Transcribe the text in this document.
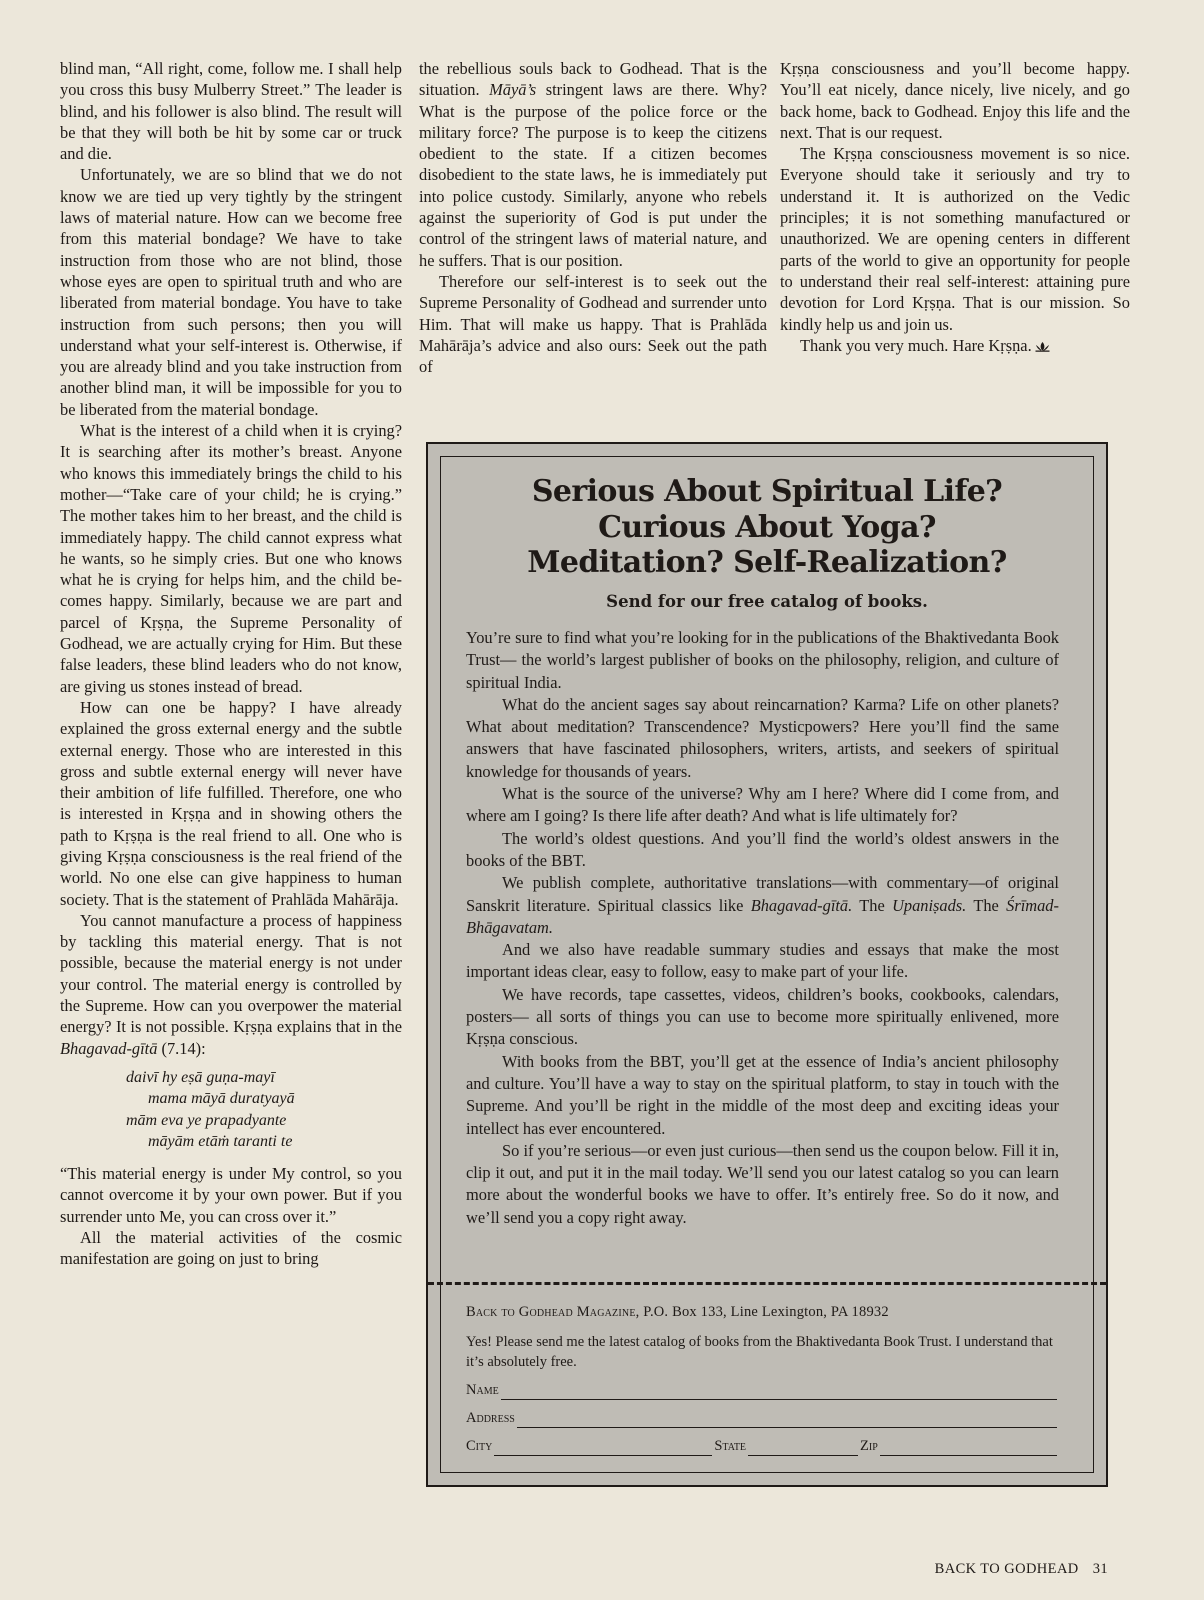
blind man, “All right, come, follow me. I shall help you cross this busy Mulberry Street.” The leader is blind, and his follower is also blind. The result will be that they will both be hit by some car or truck and die.

Unfortunately, we are so blind that we do not know we are tied up very tightly by the stringent laws of material nature. How can we become free from this material bondage? We have to take instruction from those who are not blind, those whose eyes are open to spiritual truth and who are liberated from material bondage. You have to take instruction from such persons; then you will understand what your self-interest is. Otherwise, if you are already blind and you take instruction from another blind man, it will be impossible for you to be liberated from the material bondage.

What is the interest of a child when it is crying? It is searching after its mother’s breast. Anyone who knows this immediately brings the child to his mother—“Take care of your child; he is crying.” The mother takes him to her breast, and the child is immediately happy. The child cannot express what he wants, so he simply cries. But one who knows what he is crying for helps him, and the child becomes happy. Similarly, because we are part and parcel of Kṛṣṇa, the Supreme Personality of Godhead, we are actually crying for Him. But these false leaders, these blind leaders who do not know, are giving us stones instead of bread.

How can one be happy? I have already explained the gross external energy and the subtle external energy. Those who are interested in this gross and subtle external energy will never have their ambition of life fulfilled. Therefore, one who is interested in Kṛṣṇa and in showing others the path to Kṛṣṇa is the real friend to all. One who is giving Kṛṣṇa consciousness is the real friend of the world. No one else can give happiness to human society. That is the statement of Prahlāda Mahārāja.

You cannot manufacture a process of happiness by tackling this material energy. That is not possible, because the material energy is not under your control. The material energy is controlled by the Supreme. How can you overpower the material energy? It is not possible. Kṛṣṇa explains that in the Bhagavad-gītā (7.14):

daivī hy eṣā guṇa-mayī
mama māyā duratyayā
mām eva ye prapadyante
māyām etāṁ taranti te

“This material energy is under My control, so you cannot overcome it by your own power. But if you surrender unto Me, you can cross over it.”

All the material activities of the cosmic manifestation are going on just to bring

the rebellious souls back to Godhead. That is the situation. Māyā’s stringent laws are there. Why? What is the purpose of the police force or the military force? The purpose is to keep the citizens obedient to the state. If a citizen becomes disobedient to the state laws, he is immediately put into police custody. Similarly, anyone who rebels against the superiority of God is put under the control of the stringent laws of material nature, and he suffers. That is our position.

Therefore our self-interest is to seek out the Supreme Personality of Godhead and surrender unto Him. That will make us happy. That is Prahlāda Mahārāja’s advice and also ours: Seek out the path of

Kṛṣṇa consciousness and you’ll become happy. You’ll eat nicely, dance nicely, live nicely, and go back home, back to Godhead. Enjoy this life and the next. That is our request.

The Kṛṣṇa consciousness movement is so nice. Everyone should take it seriously and try to understand it. It is authorized on the Vedic principles; it is not something manufactured or unauthorized. We are opening centers in different parts of the world to give an opportunity for people to understand their real self-interest: attaining pure devotion for Lord Kṛṣṇa. That is our mission. So kindly help us and join us.

Thank you very much. Hare Kṛṣṇa.

Serious About Spiritual Life?
Curious About Yoga?
Meditation? Self-Realization?
Send for our free catalog of books.

You’re sure to find what you’re looking for in the publications of the Bhaktivedanta Book Trust— the world’s largest publisher of books on the philosophy, religion, and culture of spiritual India.

What do the ancient sages say about reincarnation? Karma? Life on other planets? What about meditation? Transcendence? Mysticpowers? Here you’ll find the same answers that have fascinated philosophers, writers, artists, and seekers of spiritual knowledge for thousands of years.

What is the source of the universe? Why am I here? Where did I come from, and where am I going? Is there life after death? And what is life ultimately for?

The world’s oldest questions. And you’ll find the world’s oldest answers in the books of the BBT.

We publish complete, authoritative translations—with commentary—of original Sanskrit literature. Spiritual classics like Bhagavad-gītā. The Upaniṣads. The Śrīmad-Bhāgavatam.

And we also have readable summary studies and essays that make the most important ideas clear, easy to follow, easy to make part of your life.

We have records, tape cassettes, videos, children’s books, cookbooks, calendars, posters— all sorts of things you can use to become more spiritually enlivened, more Kṛṣṇa conscious.

With books from the BBT, you’ll get at the essence of India’s ancient philosophy and culture. You’ll have a way to stay on the spiritual platform, to stay in touch with the Supreme. And you’ll be right in the middle of the most deep and exciting ideas your intellect has ever encountered.

So if you’re serious—or even just curious—then send us the coupon below. Fill it in, clip it out, and put it in the mail today. We’ll send you our latest catalog so you can learn more about the wonderful books we have to offer. It’s entirely free. So do it now, and we’ll send you a copy right away.

Back to Godhead Magazine, P.O. Box 133, Line Lexington, PA 18932
Yes! Please send me the latest catalog of books from the Bhaktivedanta Book Trust. I understand that it’s absolutely free.
Name
Address
City	State	Zip
BACK TO GODHEAD 31
